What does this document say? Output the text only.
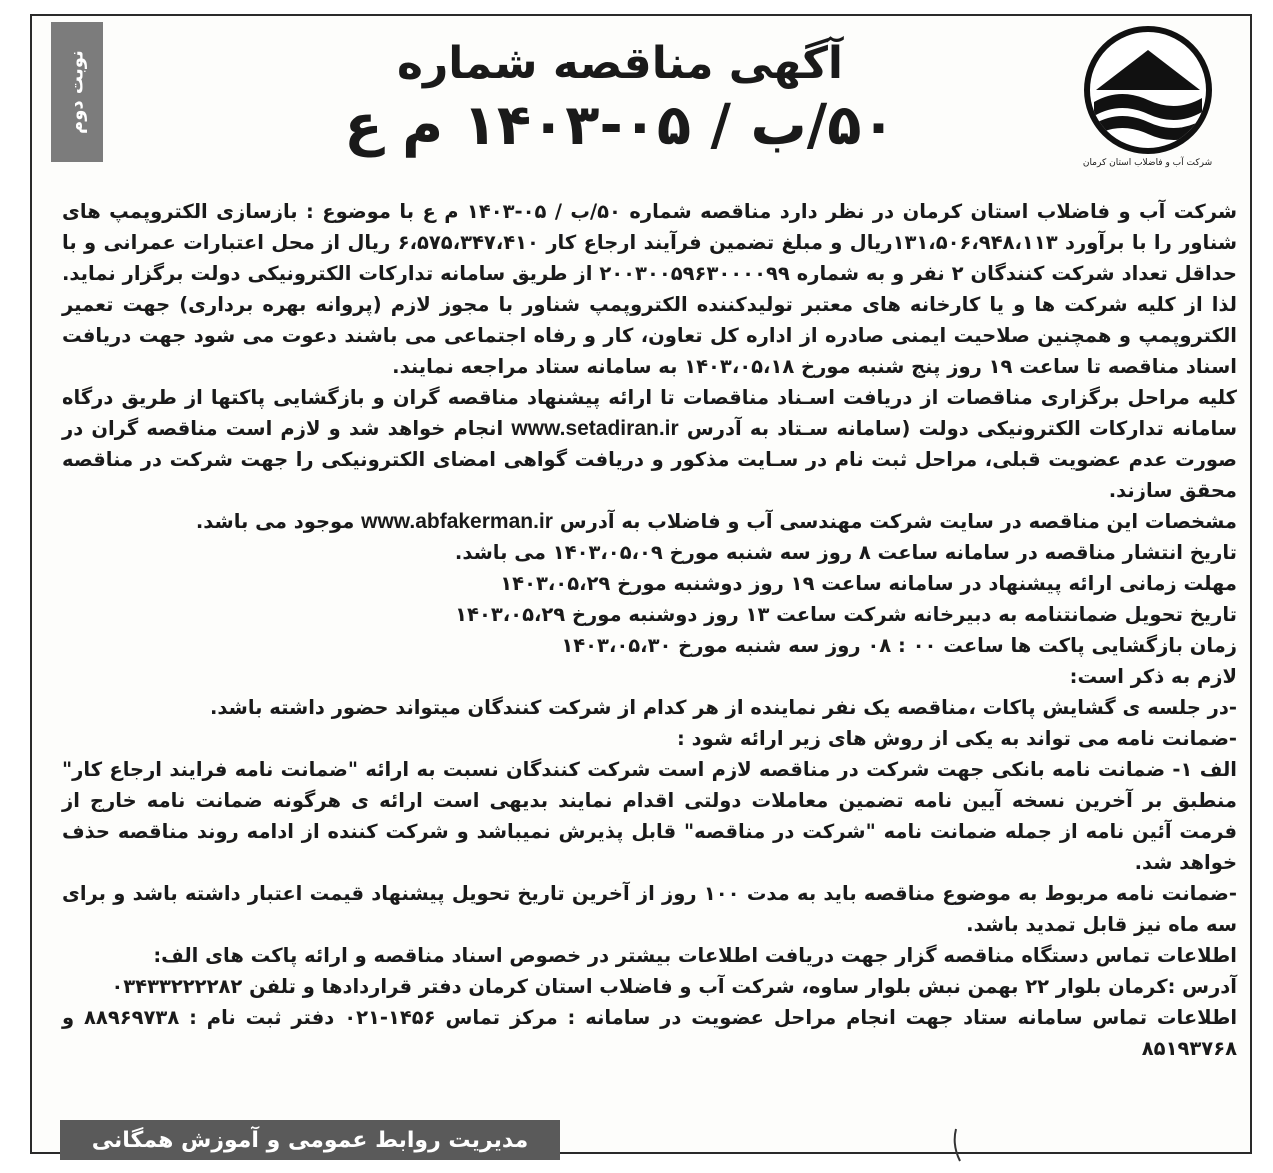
نوبت دوم
شرکت آب و فاضلاب استان کرمان
آگهی مناقصه شماره
۵۰/ب / ۰۵-۱۴۰۳ م ع

شرکت آب و فاضلاب استان کرمان در نظر دارد مناقصه شماره ۵۰/ب / ۰۵-۱۴۰۳ م ع با موضوع : بازسازی الکتروپمپ های شناور را با برآورد ۱۳۱،۵۰۶،۹۴۸،۱۱۳ریال و مبلغ تضمین فرآیند ارجاع کار ۶،۵۷۵،۳۴۷،۴۱۰ ریال از محل اعتبارات عمرانی و با حداقل تعداد شرکت کنندگان ۲ نفر و به شماره ۲۰۰۳۰۰۵۹۶۳۰۰۰۰۹۹ از طریق سامانه تدارکات الکترونیکی دولت برگزار نماید. لذا از کلیه شرکت ها و یا کارخانه های معتبر تولیدکننده الکتروپمپ شناور با مجوز لازم (پروانه بهره برداری) جهت تعمیر الکتروپمپ و همچنین صلاحیت ایمنی صادره از اداره کل تعاون، کار و رفاه اجتماعی می باشند دعوت می شود جهت دریافت اسناد مناقصه تا ساعت ۱۹ روز پنج شنبه مورخ ۱۴۰۳،۰۵،۱۸ به سامانه ستاد مراجعه نمایند.

کلیه مراحل برگزاری مناقصات از دریافت اسـناد مناقصات تا ارائه پیشنهاد مناقصه گران و بازگشایی پاکتها از طریق درگاه سامانه تدارکات الکترونیکی دولت (سامانه سـتاد به آدرس www.setadiran.ir انجام خواهد شد و لازم است مناقصه گران در صورت عدم عضویت قبلی، مراحل ثبت نام در سـایت مذکور و دریافت گواهی امضای الکترونیکی را جهت شرکت در مناقصه محقق سازند.

مشخصات این مناقصه در سایت شرکت مهندسی آب و فاضلاب به آدرس www.abfakerman.ir موجود می باشد.

تاریخ انتشار مناقصه در سامانه ساعت ۸ روز سه شنبه مورخ ۱۴۰۳،۰۵،۰۹ می باشد.

مهلت زمانی ارائه پیشنهاد در سامانه ساعت ۱۹ روز دوشنبه مورخ ۱۴۰۳،۰۵،۲۹

تاریخ تحویل ضمانتنامه به دبیرخانه شرکت ساعت ۱۳ روز دوشنبه مورخ ۱۴۰۳،۰۵،۲۹

زمان بازگشایی پاکت ها ساعت ۰۰ : ۰۸ روز سه شنبه مورخ ۱۴۰۳،۰۵،۳۰

لازم به ذکر است:

-در جلسه ی گشایش پاکات ،مناقصه یک نفر نماینده از هر کدام از شرکت کنندگان میتواند حضور داشته باشد.

-ضمانت نامه می تواند به یکی از روش های زیر ارائه شود :

الف ۱- ضمانت نامه بانکی جهت شرکت در مناقصه لازم است شرکت کنندگان نسبت به ارائه "ضمانت نامه فرایند ارجاع کار" منطبق بر آخرین نسخه آیین نامه تضمین معاملات دولتی اقدام نمایند بدیهی است ارائه ی هرگونه ضمانت نامه خارج از فرمت آئین نامه از جمله ضمانت نامه "شرکت در مناقصه" قابل پذیرش نمیباشد و شرکت کننده از ادامه روند مناقصه حذف خواهد شد.

-ضمانت نامه مربوط به موضوع مناقصه باید به مدت ۱۰۰ روز از آخرین تاریخ تحویل پیشنهاد قیمت اعتبار داشته باشد و برای سه ماه نیز قابل تمدید باشد.

اطلاعات تماس دستگاه مناقصه گزار جهت دریافت اطلاعات بیشتر در خصوص اسناد مناقصه و ارائه پاکت های الف:

آدرس :کرمان بلوار ۲۲ بهمن نبش بلوار ساوه، شرکت آب و فاضلاب استان کرمان دفتر قراردادها و تلفن ۰۳۴۳۳۲۲۲۲۸۲

اطلاعات تماس سامانه ستاد جهت انجام مراحل عضویت در سامانه : مرکز تماس ۱۴۵۶-۰۲۱ دفتر ثبت نام : ۸۸۹۶۹۷۳۸ و ۸۵۱۹۳۷۶۸

مدیریت روابط عمومی و آموزش همگانی
